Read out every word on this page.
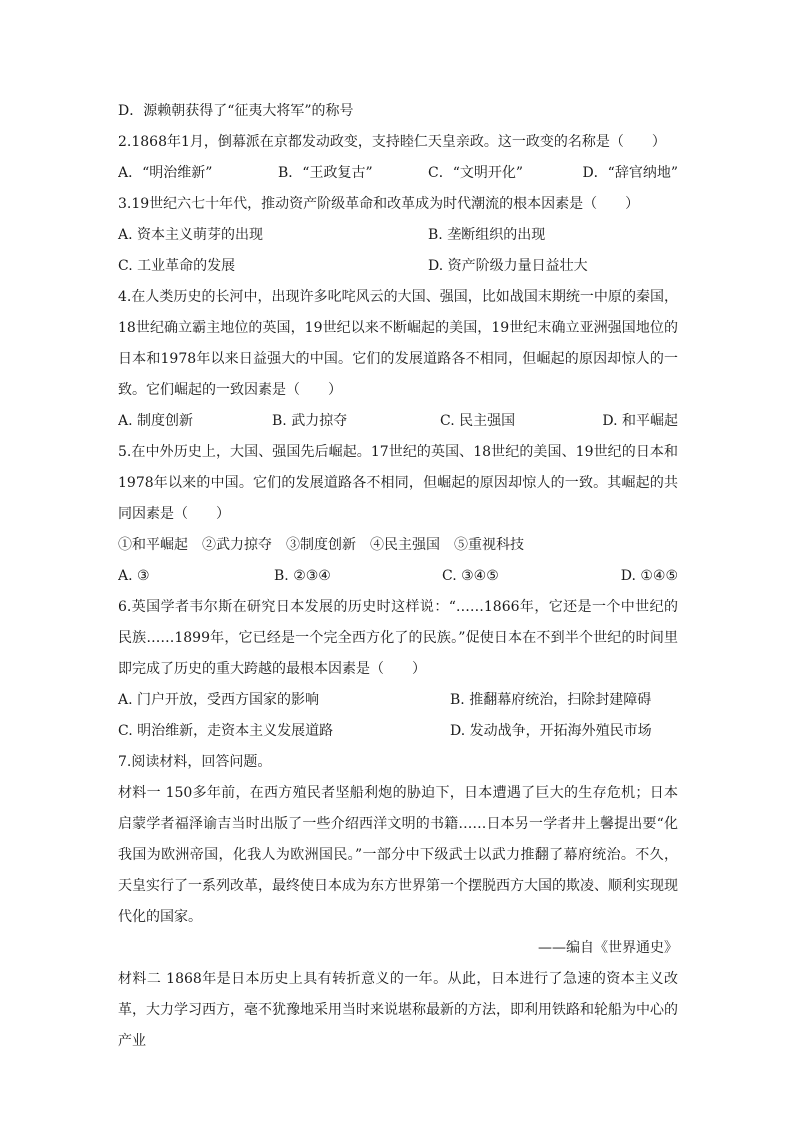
D．源赖朝获得了“征夷大将军”的称号
2.1868年1月，倒幕派在京都发动政变，支持睦仁天皇亲政。这一政变的名称是（　　）
A．“明治维新”	B．“王政复古”	C．“文明开化”	D．“辞官纳地”
3.19世纪六七十年代，推动资产阶级革命和改革成为时代潮流的根本因素是（　　）
A. 资本主义萌芽的出现	B. 垄断组织的出现
C. 工业革命的发展	D. 资产阶级力量日益壮大
4.在人类历史的长河中，出现许多叱咤风云的大国、强国，比如战国末期统一中原的秦国，18世纪确立霸主地位的英国，19世纪以来不断崛起的美国，19世纪末确立亚洲强国地位的日本和1978年以来日益强大的中国。它们的发展道路各不相同，但崛起的原因却惊人的一致。它们崛起的一致因素是（　　）
A. 制度创新	B. 武力掠夺	C. 民主强国	D. 和平崛起
5.在中外历史上，大国、强国先后崛起。17世纪的英国、18世纪的美国、19世纪的日本和1978年以来的中国。它们的发展道路各不相同，但崛起的原因却惊人的一致。其崛起的共同因素是（　　）
①和平崛起　②武力掠夺　③制度创新　④民主强国　⑤重视科技
A. ③	B. ②③④	C. ③④⑤	D. ①④⑤
6.英国学者韦尔斯在研究日本发展的历史时这样说：“……1866年，它还是一个中世纪的民族……1899年，它已经是一个完全西方化了的民族。”促使日本在不到半个世纪的时间里即完成了历史的重大跨越的最根本因素是（　　）
A. 门户开放，受西方国家的影响	B. 推翻幕府统治，扫除封建障碍
C. 明治维新，走资本主义发展道路	D. 发动战争，开拓海外殖民市场
7.阅读材料，回答问题。
材料一 150多年前，在西方殖民者坚船利炮的胁迫下，日本遭遇了巨大的生存危机；日本启蒙学者福泽谕吉当时出版了一些介绍西洋文明的书籍……日本另一学者井上馨提出要“化我国为欧洲帝国，化我人为欧洲国民。”一部分中下级武士以武力推翻了幕府统治。不久，天皇实行了一系列改革，最终使日本成为东方世界第一个摆脱西方大国的欺凌、顺利实现现代化的国家。
——编自《世界通史》
材料二 1868年是日本历史上具有转折意义的一年。从此，日本进行了急速的资本主义改革，大力学习西方，毫不犹豫地采用当时来说堪称最新的方法，即利用铁路和轮船为中心的产业
